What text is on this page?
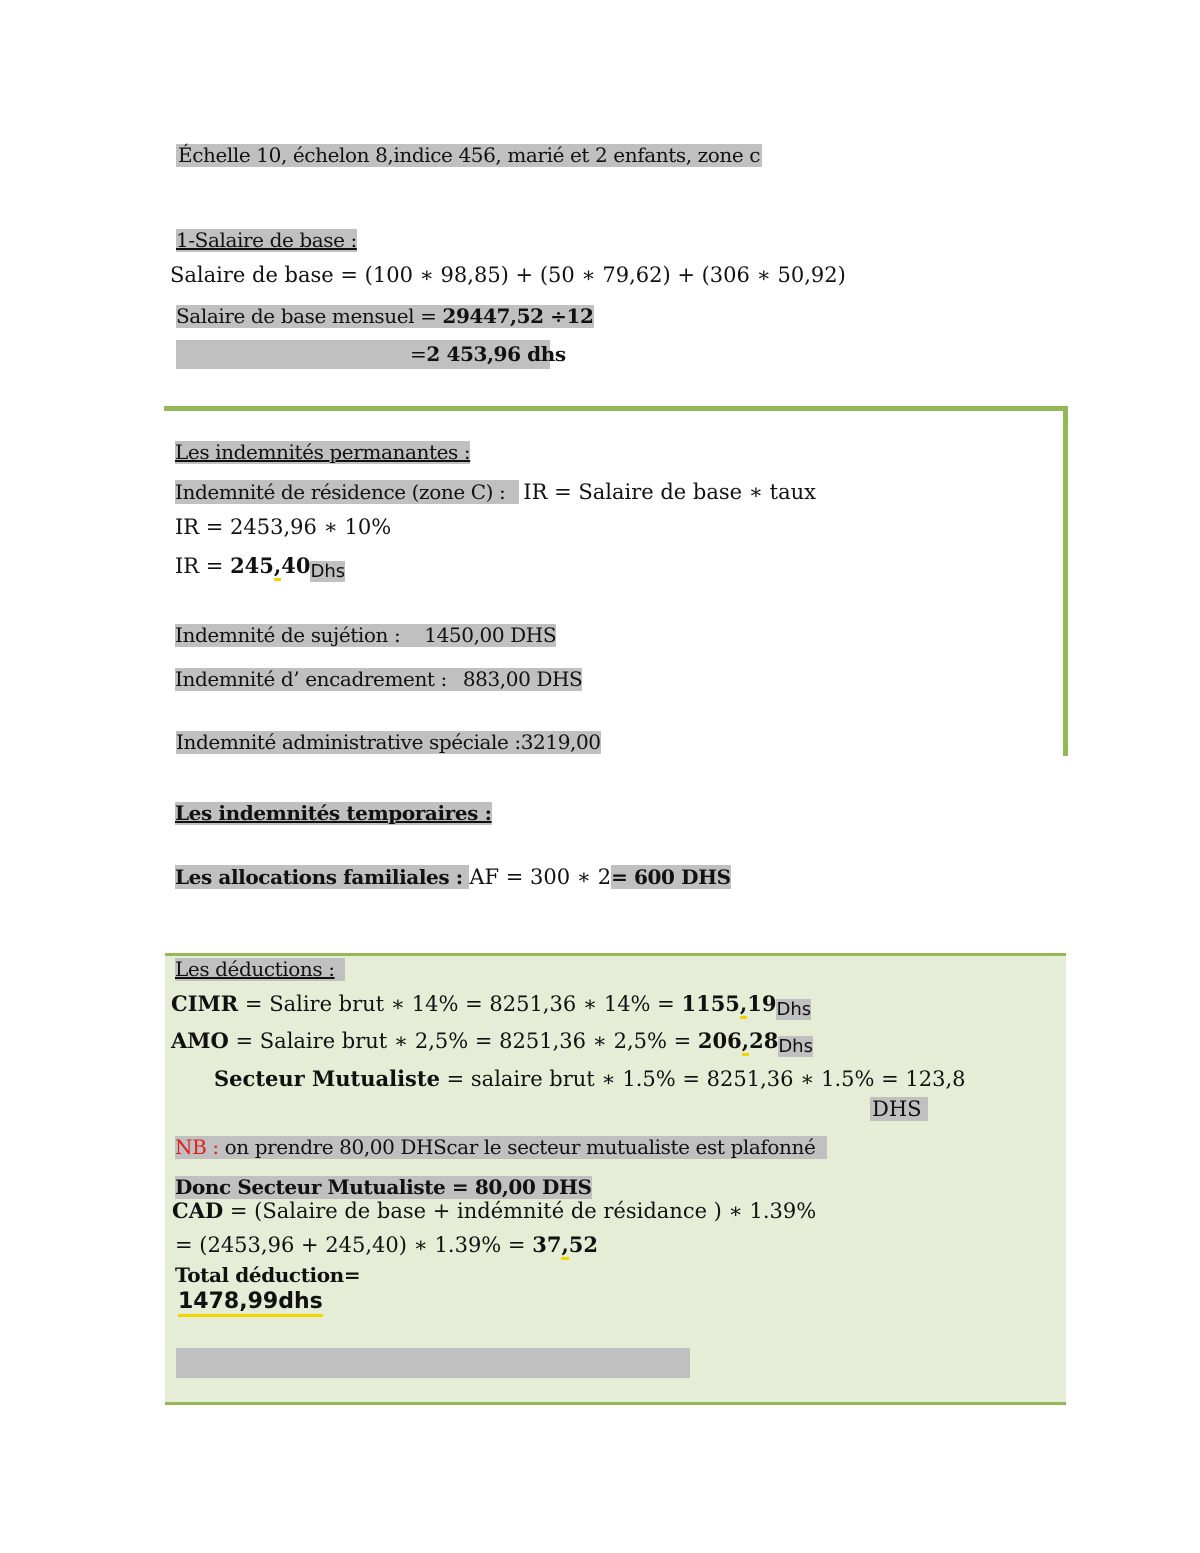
Échelle 10, échelon 8,indice 456, marié et 2 enfants, zone c
1-Salaire de base :
Salaire de base = (100 ∗ 98,85) + (50 ∗ 79,62) + (306 ∗ 50,92)
Salaire de base mensuel = 29447,52 ÷12
=2 453,96 dhs
Les indemnités permanantes :
Indemnité de résidence (zone C) : IR = Salaire de base ∗ taux
IR = 2453,96 ∗ 10%
IR = 245,40Dhs
Indemnité de sujétion : 1450,00 DHS
Indemnité d’ encadrement : 883,00 DHS
Indemnité administrative spéciale :3219,00
Les indemnités temporaires :
Les allocations familiales : AF = 300 ∗ 2= 600 DHS
Les déductions :
CIMR = Salire brut ∗ 14% = 8251,36 ∗ 14% = 1155,19Dhs
AMO = Salaire brut ∗ 2,5% = 8251,36 ∗ 2,5% = 206,28Dhs
Secteur Mutualiste = salaire brut ∗ 1.5% = 8251,36 ∗ 1.5% = 123,8
DHS
NB : on prendre 80,00 DHScar le secteur mutualiste est plafonné
Donc Secteur Mutualiste = 80,00 DHS
CAD = (Salaire de base + indémnité de résidance ) ∗ 1.39%
= (2453,96 + 245,40) ∗ 1.39% = 37,52
Total déduction=
1478,99dhs
